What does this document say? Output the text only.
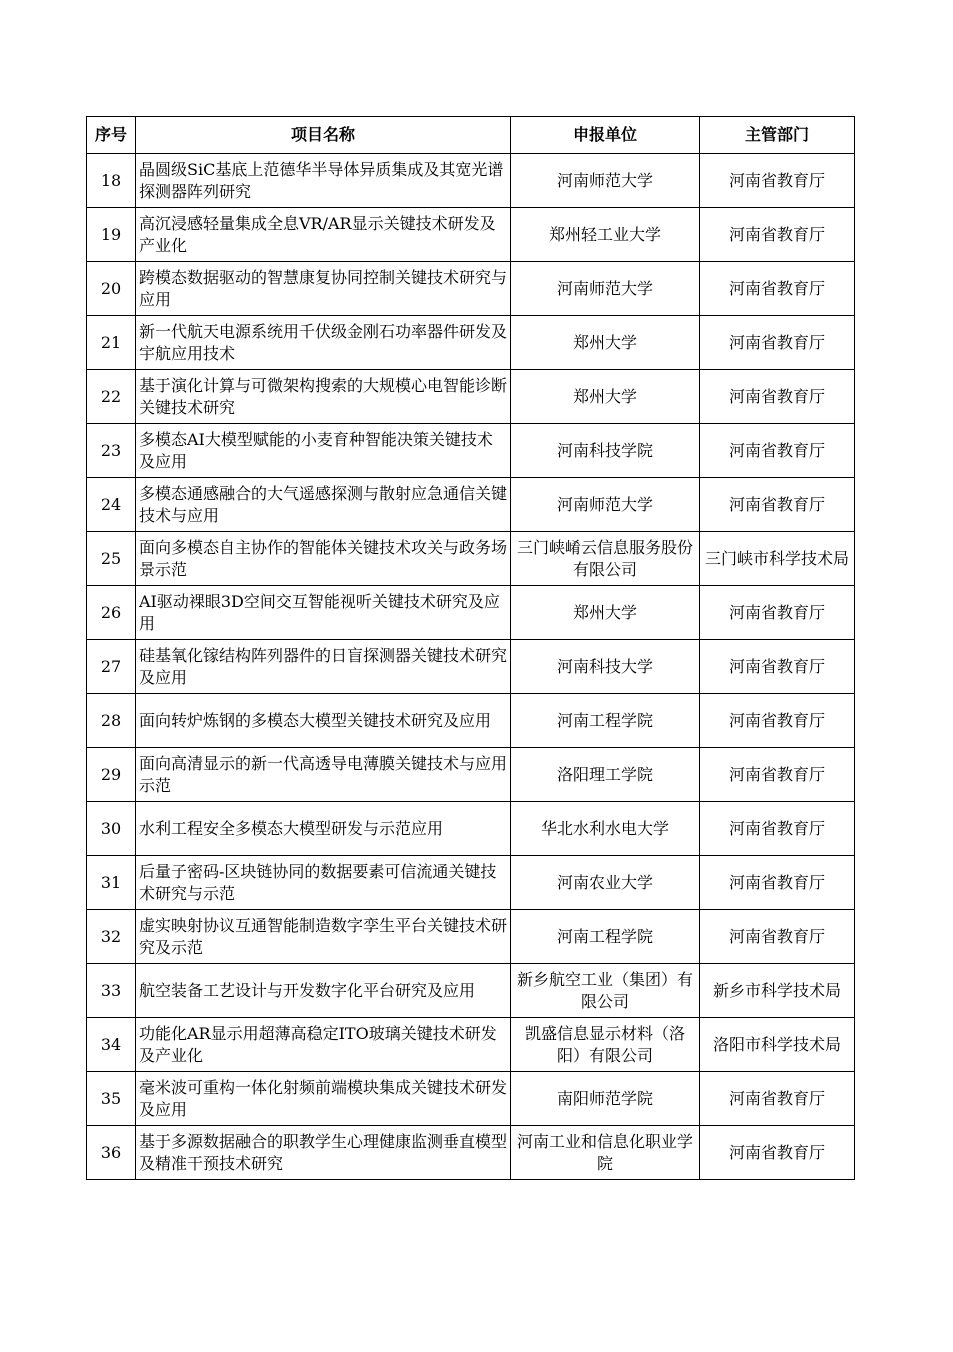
序号	项目名称	申报单位	主管部门
18	晶圆级SiC基底上范德华半导体异质集成及其宽光谱探测器阵列研究	河南师范大学	河南省教育厅
19	高沉浸感轻量集成全息VR/AR显示关键技术研发及产业化	郑州轻工业大学	河南省教育厅
20	跨模态数据驱动的智慧康复协同控制关键技术研究与应用	河南师范大学	河南省教育厅
21	新一代航天电源系统用千伏级金刚石功率器件研发及宇航应用技术	郑州大学	河南省教育厅
22	基于演化计算与可微架构搜索的大规模心电智能诊断关键技术研究	郑州大学	河南省教育厅
23	多模态AI大模型赋能的小麦育种智能决策关键技术及应用	河南科技学院	河南省教育厅
24	多模态通感融合的大气遥感探测与散射应急通信关键技术与应用	河南师范大学	河南省教育厅
25	面向多模态自主协作的智能体关键技术攻关与政务场景示范	三门峡崤云信息服务股份有限公司	三门峡市科学技术局
26	AI驱动裸眼3D空间交互智能视听关键技术研究及应用	郑州大学	河南省教育厅
27	硅基氧化镓结构阵列器件的日盲探测器关键技术研究及应用	河南科技大学	河南省教育厅
28	面向转炉炼钢的多模态大模型关键技术研究及应用	河南工程学院	河南省教育厅
29	面向高清显示的新一代高透导电薄膜关键技术与应用示范	洛阳理工学院	河南省教育厅
30	水利工程安全多模态大模型研发与示范应用	华北水利水电大学	河南省教育厅
31	后量子密码-区块链协同的数据要素可信流通关键技术研究与示范	河南农业大学	河南省教育厅
32	虚实映射协议互通智能制造数字孪生平台关键技术研究及示范	河南工程学院	河南省教育厅
33	航空装备工艺设计与开发数字化平台研究及应用	新乡航空工业（集团）有限公司	新乡市科学技术局
34	功能化AR显示用超薄高稳定ITO玻璃关键技术研发及产业化	凯盛信息显示材料（洛阳）有限公司	洛阳市科学技术局
35	毫米波可重构一体化射频前端模块集成关键技术研发及应用	南阳师范学院	河南省教育厅
36	基于多源数据融合的职教学生心理健康监测垂直模型及精准干预技术研究	河南工业和信息化职业学院	河南省教育厅
